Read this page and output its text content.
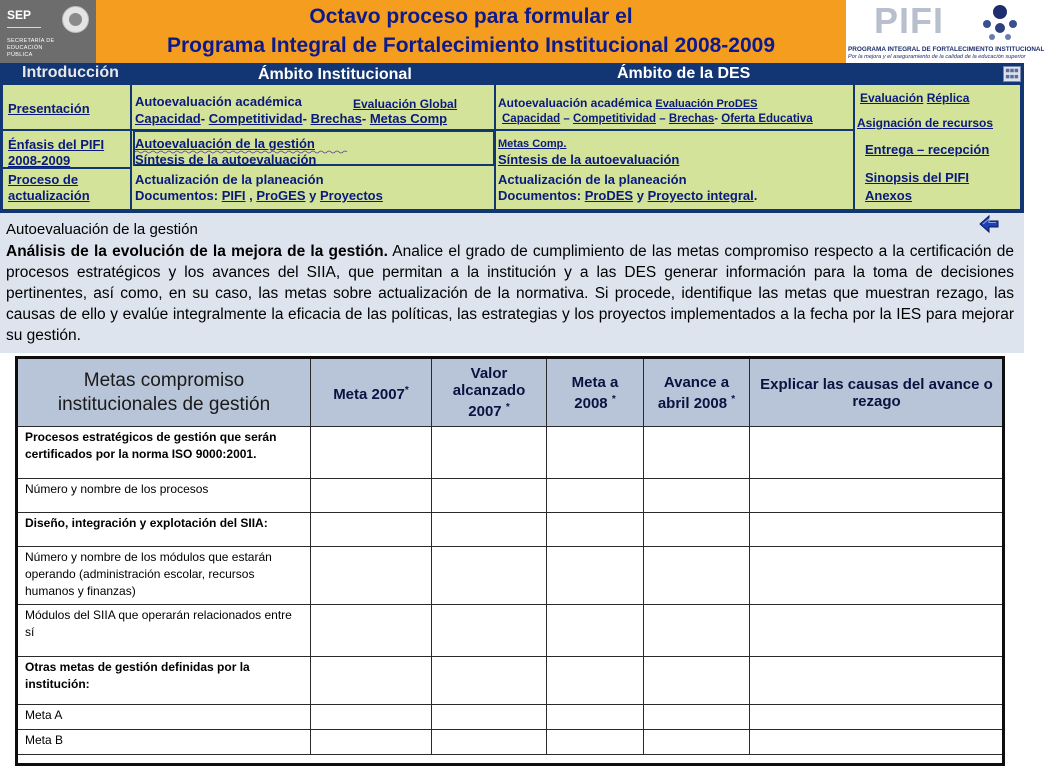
SEP
SECRETARÍA DE EDUCACIÓN PÚBLICA
Octavo proceso para formular el
Programa Integral de Fortalecimiento Institucional 2008-2009
PIFI
PROGRAMA INTEGRAL DE FORTALECIMIENTO INSTITUCIONAL
Por la mejora y el aseguramiento de la calidad de la educación superior
Introducción	Ámbito Institucional	Ámbito de la DES
Presentación
Énfasis del PIFI 2008-2009
Proceso de actualización
Autoevaluación académica	Evaluación Global
Capacidad- Competitividad- Brechas- Metas Comp
Autoevaluación de la gestión
Síntesis de la autoevaluación
Actualización de la planeación
Documentos: PIFI , ProGES y Proyectos
Autoevaluación académica Evaluación ProDES
Capacidad – Competitividad – Brechas- Oferta Educativa
Metas Comp.
Síntesis de la autoevaluación
Actualización de la planeación
Documentos: ProDES y Proyecto integral.
Evaluación Réplica
Asignación de recursos
Entrega – recepción
Sinopsis del PIFI
Anexos
Autoevaluación de la gestión
Análisis de la evolución de la mejora de la gestión. Analice el grado de cumplimiento de las metas compromiso respecto a la certificación de procesos estratégicos y los avances del SIIA, que permitan a la institución y a las DES generar información para la toma de decisiones pertinentes, así como, en su caso, las metas sobre actualización de la normativa. Si procede, identifique las metas que muestran rezago, las causas de ello y evalúe integralmente la eficacia de las políticas, las estrategias y los proyectos implementados a la fecha por la IES para mejorar su gestión.
Metas compromiso institucionales de gestión	Meta 2007*	Valor alcanzado 2007 *	Meta a 2008 *	Avance a abril 2008 *	Explicar las causas del avance o rezago
Procesos estratégicos de gestión que serán certificados por la norma ISO 9000:2001.					
Número y nombre de los procesos					
Diseño, integración y explotación del SIIA:					
Número y nombre de los módulos que estarán operando (administración escolar, recursos humanos y finanzas)					
Módulos del SIIA que operarán relacionados entre sí					
Otras metas de gestión definidas por la institución:					
Meta A					
Meta B					
